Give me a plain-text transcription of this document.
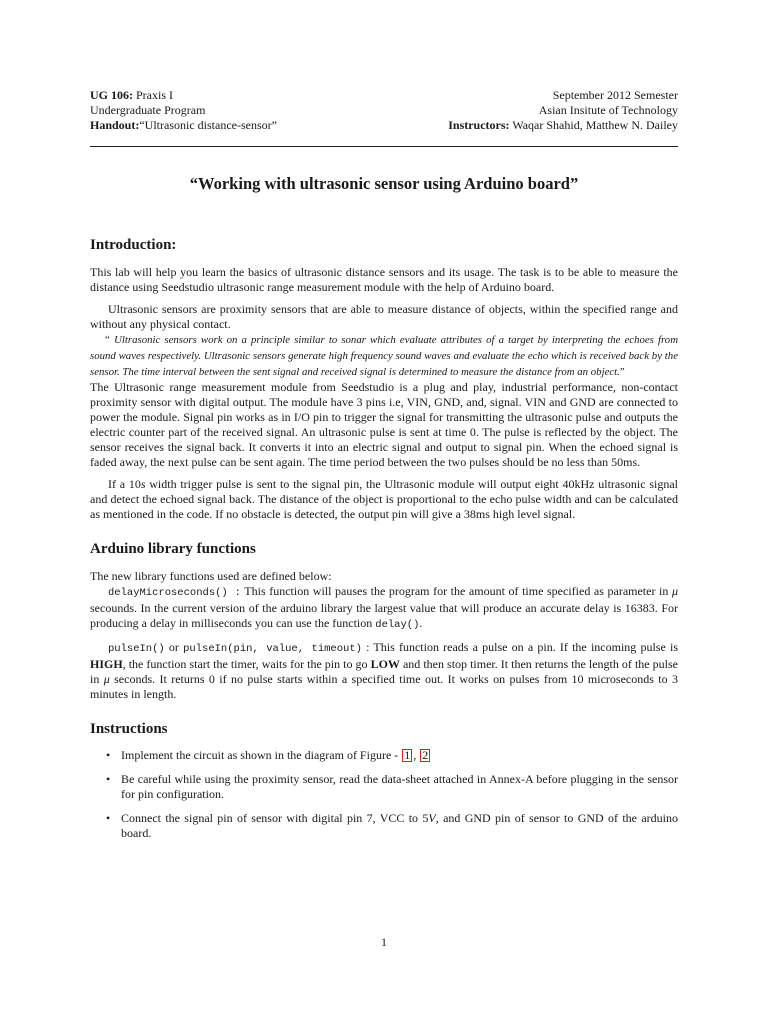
UG 106: Praxis I
Undergraduate Program
Handout:“Ultrasonic distance-sensor”
September 2012 Semester
Asian Insitute of Technology
Instructors: Waqar Shahid, Matthew N. Dailey
“Working with ultrasonic sensor using Arduino board”
Introduction:

This lab will help you learn the basics of ultrasonic distance sensors and its usage. The task is to be able to measure the distance using Seedstudio ultrasonic range measurement module with the help of Arduino board.

Ultrasonic sensors are proximity sensors that are able to measure distance of objects, within the specified range and without any physical contact.

“ Ultrasonic sensors work on a principle similar to sonar which evaluate attributes of a target by interpreting the echoes from sound waves respectively. Ultrasonic sensors generate high frequency sound waves and evaluate the echo which is received back by the sensor. The time interval between the sent signal and received signal is determined to measure the distance from an object.”

The Ultrasonic range measurement module from Seedstudio is a plug and play, industrial performance, non-contact proximity sensor with digital output. The module have 3 pins i.e, VIN, GND, and, signal. VIN and GND are connected to power the module. Signal pin works as in I/O pin to trigger the signal for transmitting the ultrasonic pulse and outputs the electric counter part of the received signal. An ultrasonic pulse is sent at time 0. The pulse is reflected by the object. The sensor receives the signal back. It converts it into an electric signal and output to signal pin. When the echoed signal is faded away, the next pulse can be sent again. The time period between the two pulses should be no less than 50ms.

If a 10s width trigger pulse is sent to the signal pin, the Ultrasonic module will output eight 40kHz ultrasonic signal and detect the echoed signal back. The distance of the object is proportional to the echo pulse width and can be calculated as mentioned in the code. If no obstacle is detected, the output pin will give a 38ms high level signal.

Arduino library functions

The new library functions used are defined below:

delayMicroseconds() : This function will pauses the program for the amount of time specified as parameter in μ secounds. In the current version of the arduino library the largest value that will produce an accurate delay is 16383. For producing a delay in milliseconds you can use the function delay().

pulseIn() or pulseIn(pin, value, timeout) : This function reads a pulse on a pin. If the incoming pulse is HIGH, the function start the timer, waits for the pin to go LOW and then stop timer. It then returns the length of the pulse in μ seconds. It returns 0 if no pulse starts within a specified time out. It works on pulses from 10 microseconds to 3 minutes in length.

Instructions
• Implement the circuit as shown in the diagram of Figure - 1 , 2
• Be careful while using the proximity sensor, read the data-sheet attached in Annex-A before plugging in the sensor for pin configuration.
• Connect the signal pin of sensor with digital pin 7, VCC to 5V, and GND pin of sensor to GND of the arduino board.
1
